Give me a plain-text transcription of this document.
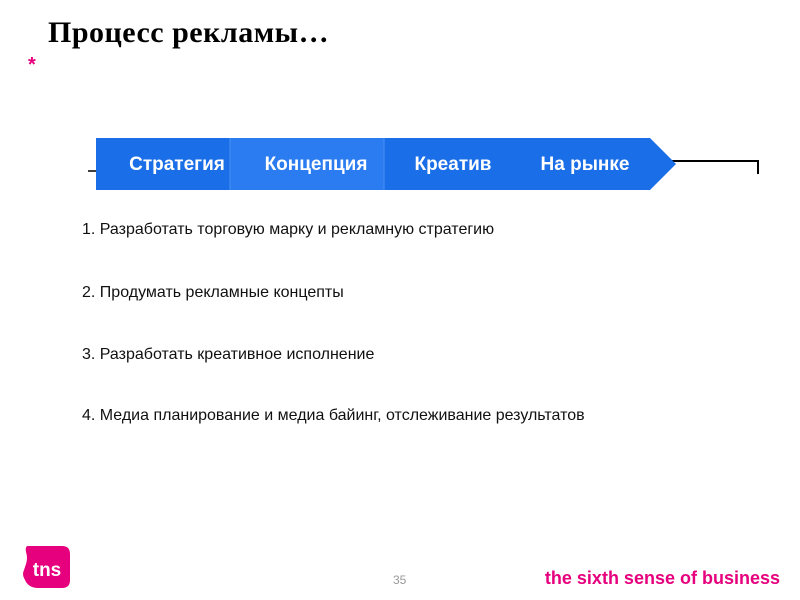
Процесс рекламы…
*
Стратегия	Концепция	Креатив	На рынке
1. Разработать торговую марку и рекламную стратегию
2. Продумать рекламные концепты
3. Разработать креативное исполнение
4. Медиа планирование и медиа байинг, отслеживание результатов
tns	35	the sixth sense of business
